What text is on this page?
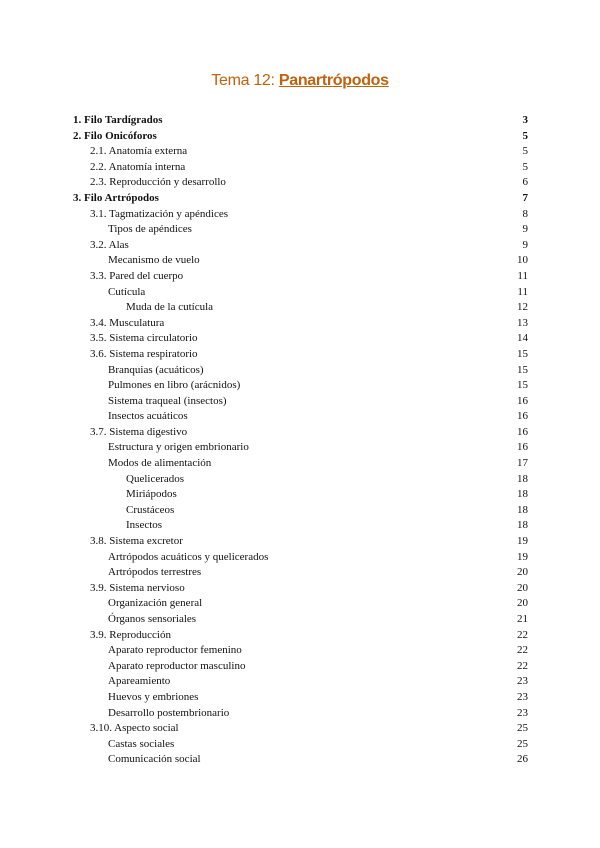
Tema 12: Panartrópodos
1. Filo Tardígrados	3
2. Filo Onicóforos	5
2.1. Anatomía externa	5
2.2. Anatomía interna	5
2.3. Reproducción y desarrollo	6
3. Filo Artrópodos	7
3.1. Tagmatización y apéndices	8
Tipos de apéndices	9
3.2. Alas	9
Mecanismo de vuelo	10
3.3. Pared del cuerpo	11
Cutícula	11
Muda de la cutícula	12
3.4. Musculatura	13
3.5. Sistema circulatorio	14
3.6. Sistema respiratorio	15
Branquias (acuáticos)	15
Pulmones en libro (arácnidos)	15
Sistema traqueal (insectos)	16
Insectos acuáticos	16
3.7. Sistema digestivo	16
Estructura y origen embrionario	16
Modos de alimentación	17
Quelicerados	18
Miriápodos	18
Crustáceos	18
Insectos	18
3.8. Sistema excretor	19
Artrópodos acuáticos y quelicerados	19
Artrópodos terrestres	20
3.9. Sistema nervioso	20
Organización general	20
Órganos sensoriales	21
3.9. Reproducción	22
Aparato reproductor femenino	22
Aparato reproductor masculino	22
Apareamiento	23
Huevos y embriones	23
Desarrollo postembrionario	23
3.10. Aspecto social	25
Castas sociales	25
Comunicación social	26
